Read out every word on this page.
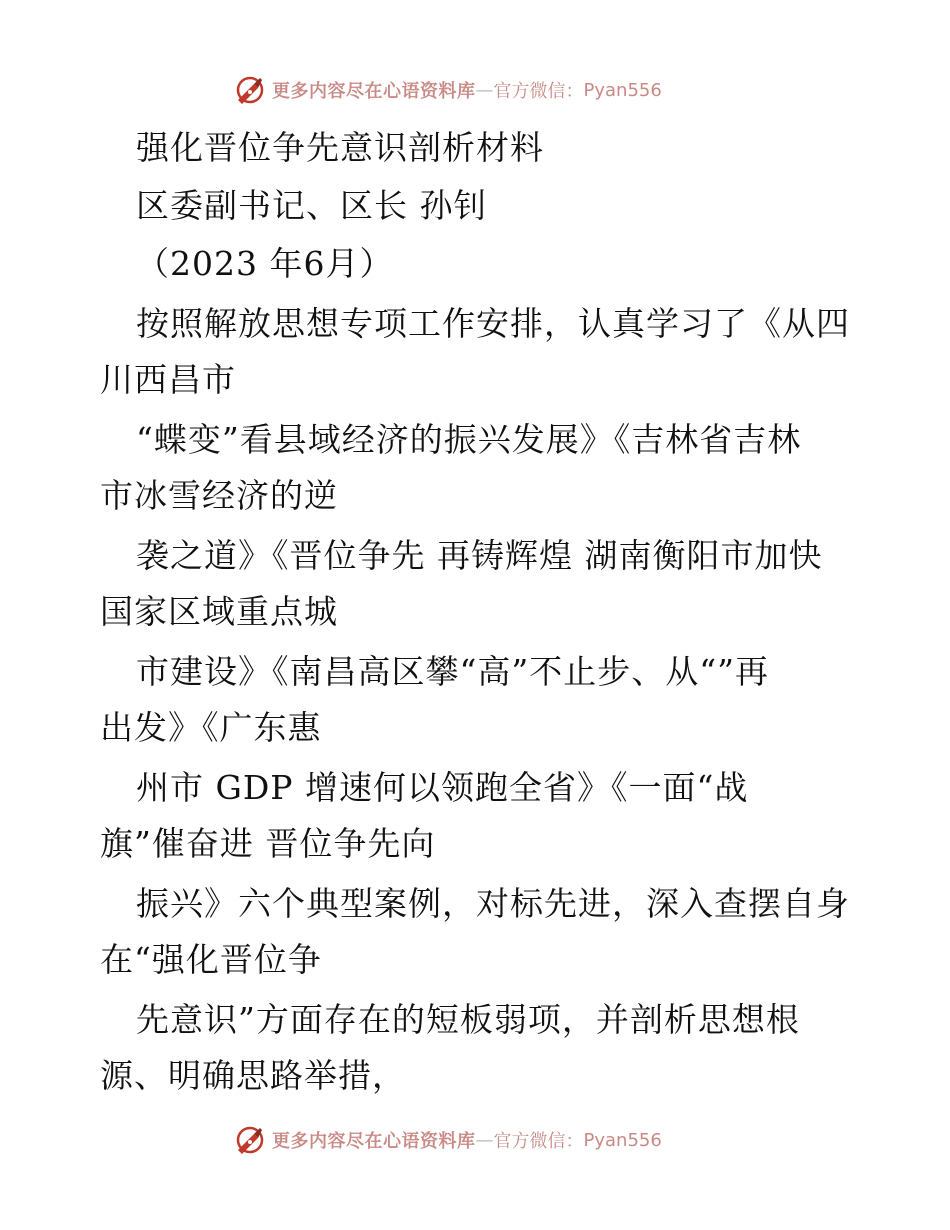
更多内容尽在心语资料库 — 官方微信： Pyan556
强化晋位争先意识剖析材料
区委副书记、区长 孙钊
（2023 年6月）
按照解放思想专项工作安排，认真学习了《从四
川西昌市
“蝶变”看县域经济的振兴发展》《吉林省吉林
市冰雪经济的逆
袭之道》《晋位争先 再铸辉煌 湖南衡阳市加快
国家区域重点城
市建设》《南昌高区攀“高”不止步、从“”再
出发》《广东惠
州市 GDP 增速何以领跑全省》《一面“战
旗”催奋进 晋位争先向
振兴》六个典型案例，对标先进，深入查摆自身
在“强化晋位争
先意识”方面存在的短板弱项，并剖析思想根
源、明确思路举措，
更多内容尽在心语资料库 — 官方微信： Pyan556
